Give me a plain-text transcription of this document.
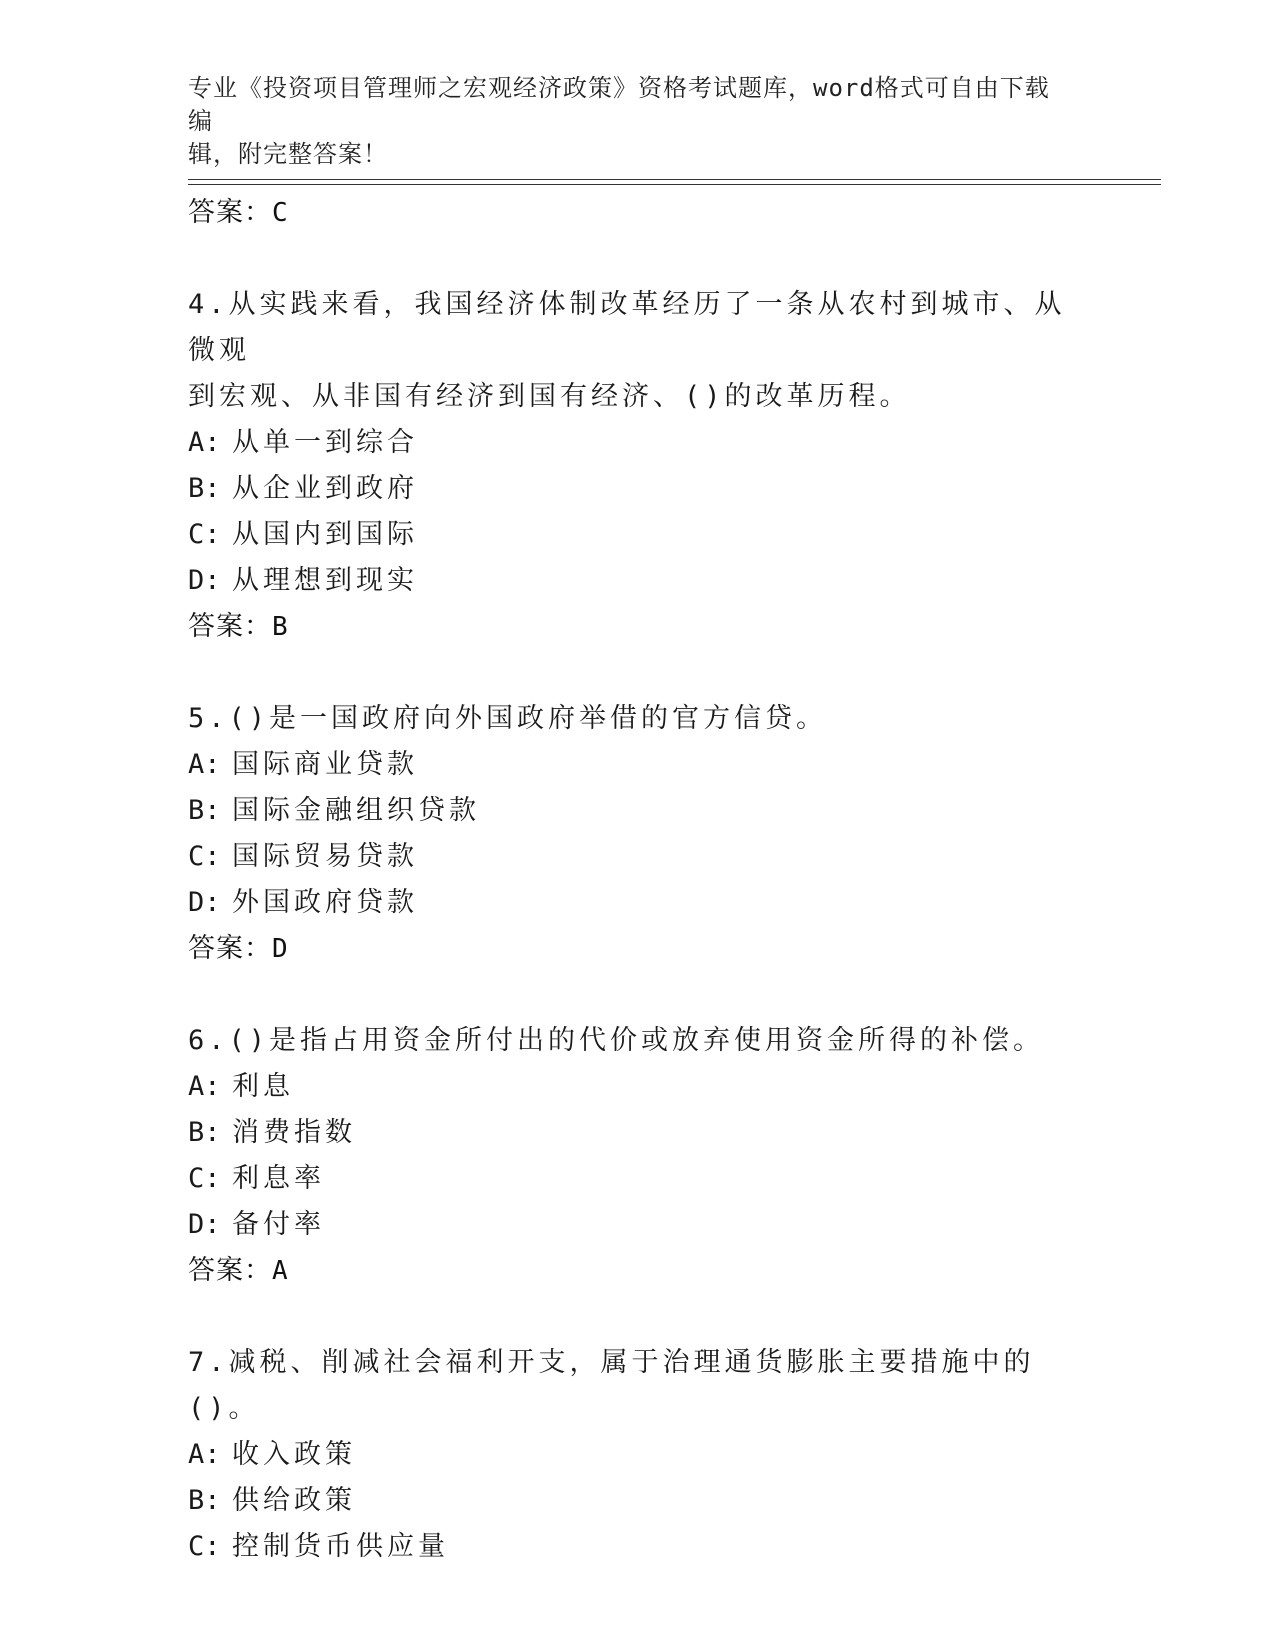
专业《投资项目管理师之宏观经济政策》资格考试题库，word格式可自由下载编
辑，附完整答案！
答案：C
4.从实践来看，我国经济体制改革经历了一条从农村到城市、从微观
到宏观、从非国有经济到国有经济、()的改革历程。
A: 从单一到综合
B: 从企业到政府
C: 从国内到国际
D: 从理想到现实
答案：B
5.()是一国政府向外国政府举借的官方信贷。
A: 国际商业贷款
B: 国际金融组织贷款
C: 国际贸易贷款
D: 外国政府贷款
答案：D
6.()是指占用资金所付出的代价或放弃使用资金所得的补偿。
A: 利息
B: 消费指数
C: 利息率
D: 备付率
答案：A
7.减税、削减社会福利开支，属于治理通货膨胀主要措施中的()。
A: 收入政策
B: 供给政策
C: 控制货币供应量
